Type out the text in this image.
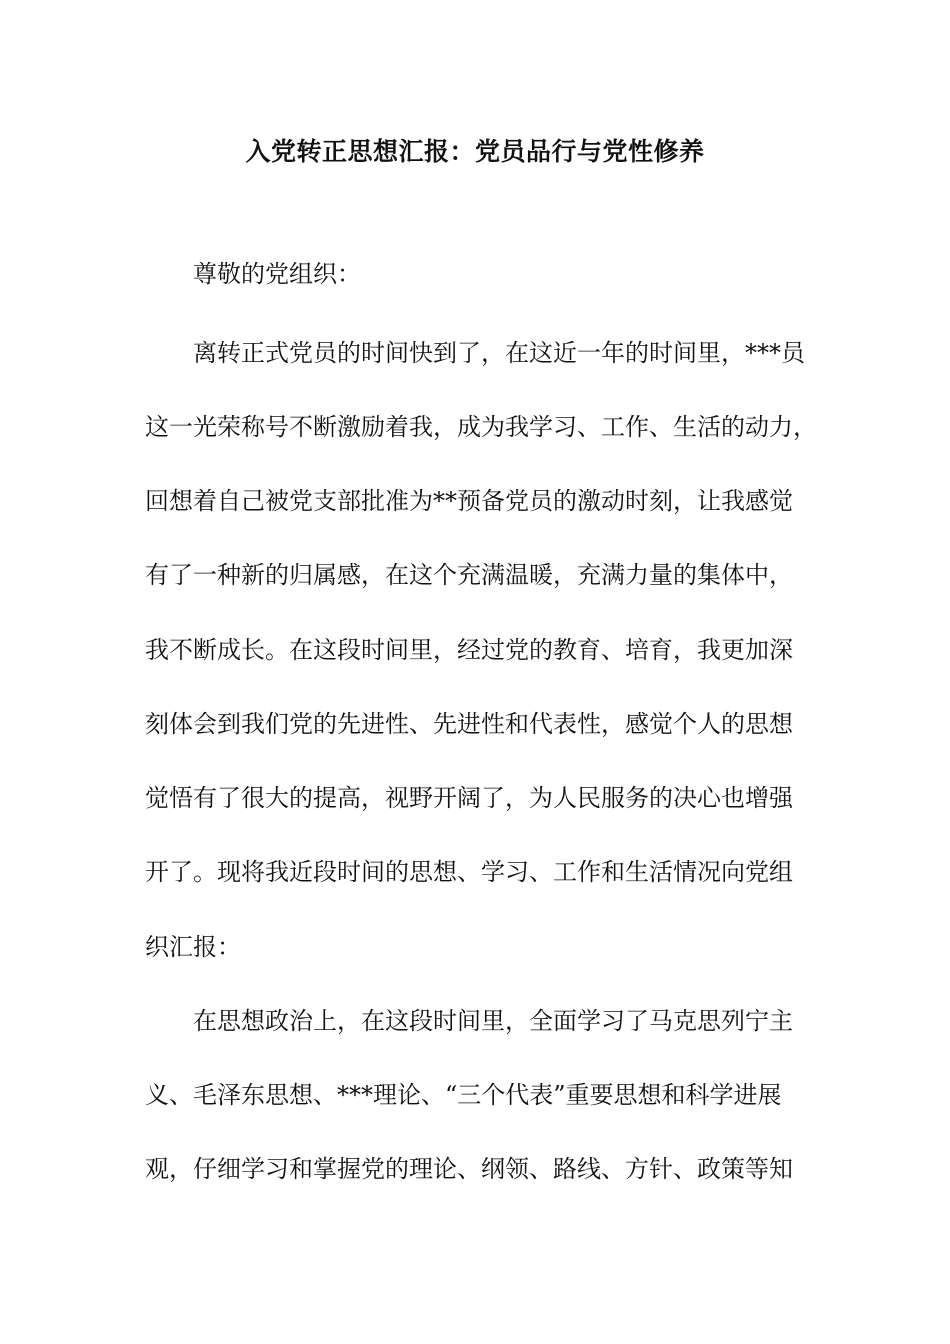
入党转正思想汇报：党员品行与党性修养
尊敬的党组织：
离转正式党员的时间快到了，在这近一年的时间里，***员
这一光荣称号不断激励着我，成为我学习、工作、生活的动力，
回想着自己被党支部批准为**预备党员的激动时刻，让我感觉
有了一种新的归属感，在这个充满温暖，充满力量的集体中，
我不断成长。在这段时间里，经过党的教育、培育，我更加深
刻体会到我们党的先进性、先进性和代表性，感觉个人的思想
觉悟有了很大的提高，视野开阔了，为人民服务的决心也增强
开了。现将我近段时间的思想、学习、工作和生活情况向党组
织汇报：
在思想政治上，在这段时间里，全面学习了马克思列宁主
义、毛泽东思想、***理论、“三个代表”重要思想和科学进展
观，仔细学习和掌握党的理论、纲领、路线、方针、政策等知
